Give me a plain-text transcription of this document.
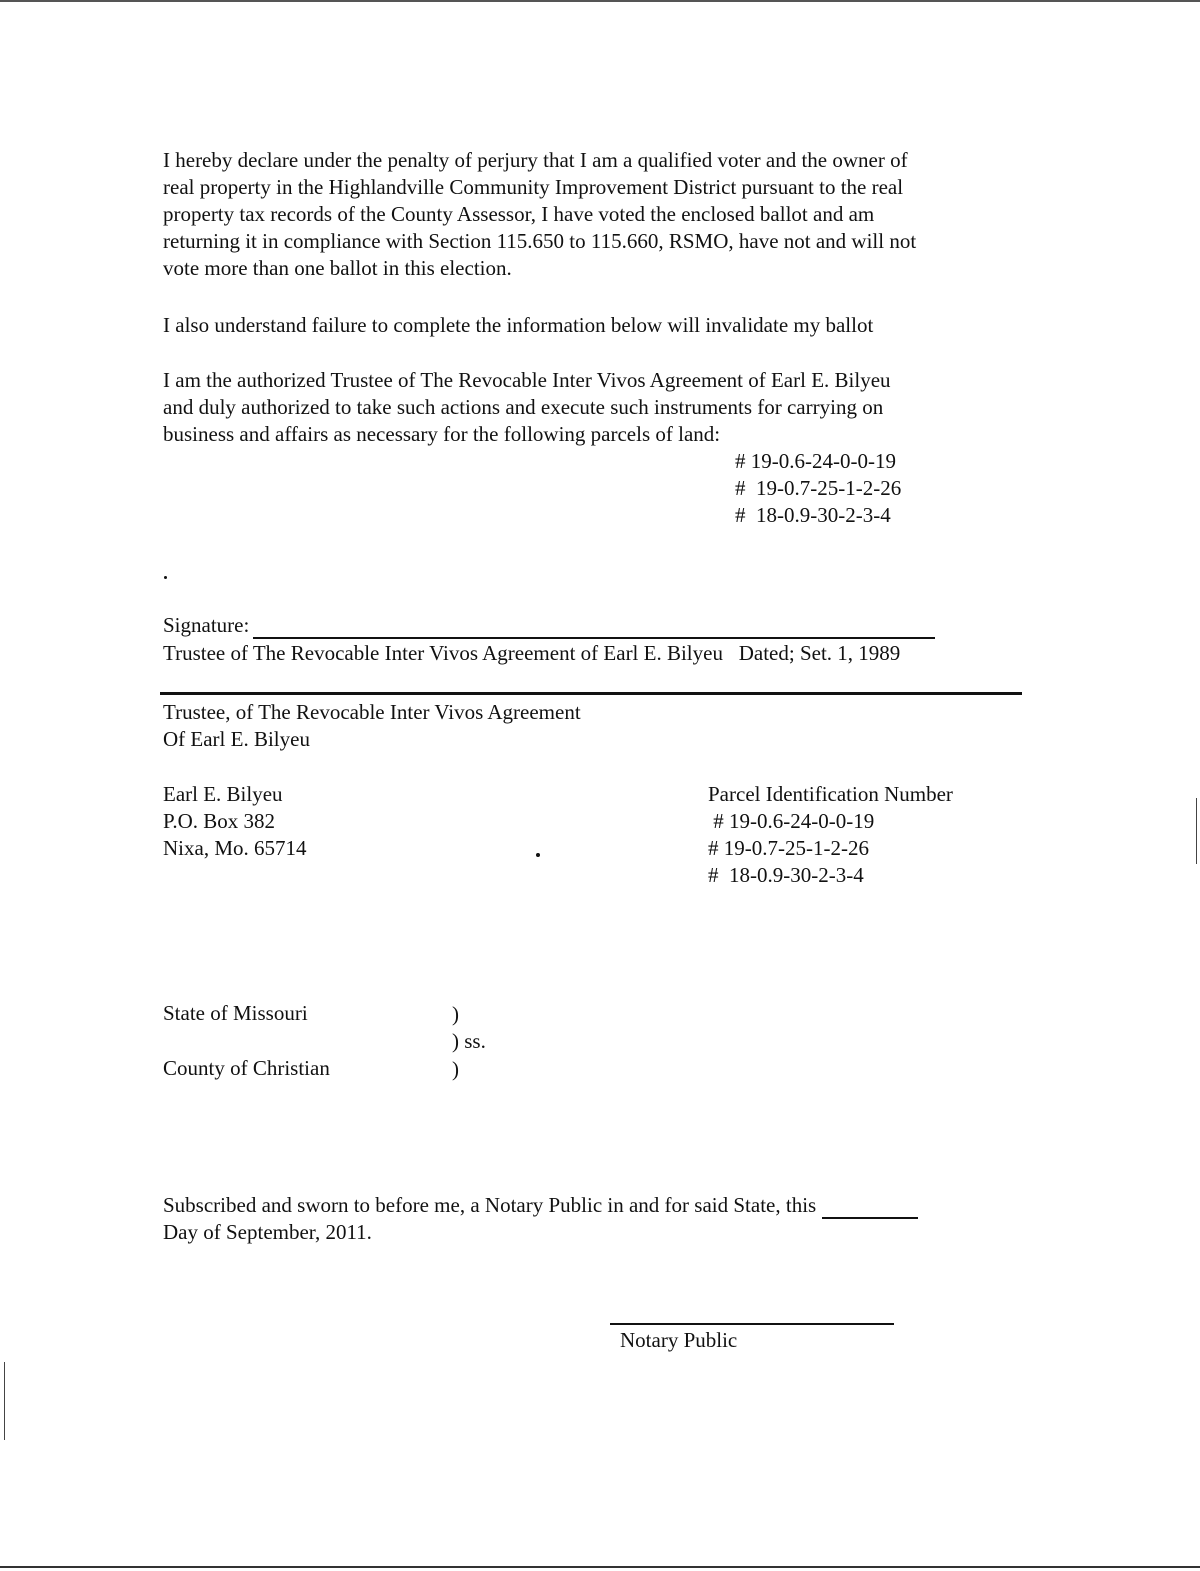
I hereby declare under the penalty of perjury that I am a qualified voter and the owner of
real property in the Highlandville Community Improvement District pursuant to the real
property tax records of the County Assessor, I have voted the enclosed ballot and am
returning it in compliance with Section 115.650 to 115.660, RSMO, have not and will not
vote more than one ballot in this election.
I also understand failure to complete the information below will invalidate my ballot
I am the authorized Trustee of The Revocable Inter Vivos Agreement of Earl E. Bilyeu
and duly authorized to take such actions and execute such instruments for carrying on
business and affairs as necessary for the following parcels of land:
# 19-0.6-24-0-0-19
#  19-0.7-25-1-2-26
#  18-0.9-30-2-3-4
Signature:
Trustee of The Revocable Inter Vivos Agreement of Earl E. Bilyeu   Dated; Set. 1, 1989
Trustee, of The Revocable Inter Vivos Agreement
Of Earl E. Bilyeu
Earl E. Bilyeu
P.O. Box 382
Nixa, Mo. 65714
Parcel Identification Number
# 19-0.6-24-0-0-19
# 19-0.7-25-1-2-26
#  18-0.9-30-2-3-4
State of Missouri
County of Christian
)
) ss.
)
Subscribed and sworn to before me, a Notary Public in and for said State, this
Day of September, 2011.
Notary Public
